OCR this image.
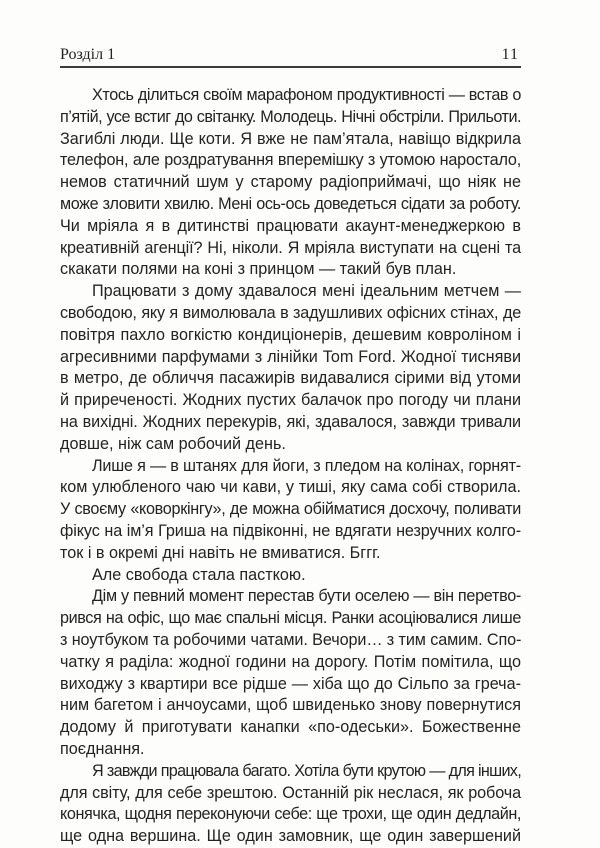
Розділ 1	11

Хтось ділиться своїм марафоном продуктивності — встав о
п’ятій, усе встиг до світанку. Молодець. Нічні обстріли. Прильоти.
Загиблі люди. Ще коти. Я вже не пам’ятала, навіщо відкрила
телефон, але роздратування вперемішку з утомою наростало,
немов статичний шум у старому радіоприймачі, що ніяк не
може зловити хвилю. Мені ось-ось доведеться сідати за роботу.
Чи мріяла я в дитинстві працювати акаунт-менеджеркою в
креативній агенції? Ні, ніколи. Я мріяла виступати на сцені та
скакати полями на коні з принцом — такий був план.

Працювати з дому здавалося мені ідеальним метчем —
свободою, яку я вимолювала в задушливих офісних стінах, де
повітря пахло вогкістю кондиціонерів, дешевим ковроліном і
агресивними парфумами з лінійки Tom Ford. Жодної тисняви
в метро, де обличчя пасажирів видавалися сірими від утоми
й приреченості. Жодних пустих балачок про погоду чи плани
на вихідні. Жодних перекурів, які, здавалося, завжди тривали
довше, ніж сам робочий день.

Лише я — в штанях для йоги, з пледом на колінах, горнят-
ком улюбленого чаю чи кави, у тиші, яку сама собі створила.
У своєму «коворкінгу», де можна обійматися досхочу, поливати
фікус на ім’я Гриша на підвіконні, не вдягати незручних колго-
ток і в окремі дні навіть не вмиватися. Бггг.

Але свобода стала пасткою.

Дім у певний момент перестав бути оселею — він перетво-
рився на офіс, що має спальні місця. Ранки асоціювалися лише
з ноутбуком та робочими чатами. Вечори… з тим самим. Спо-
чатку я раділа: жодної години на дорогу. Потім помітила, що
виходжу з квартири все рідше — хіба що до Сільпо за греча-
ним багетом і анчоусами, щоб швиденько знову повернутися
додому й приготувати канапки «по-одеськи». Божественне
поєднання.

Я завжди працювала багато. Хотіла бути крутою — для інших,
для світу, для себе зрештою. Останній рік неслася, як робоча
конячка, щодня переконуючи себе: ще трохи, ще один дедлайн,
ще одна вершина. Ще один замовник, ще один завершений
